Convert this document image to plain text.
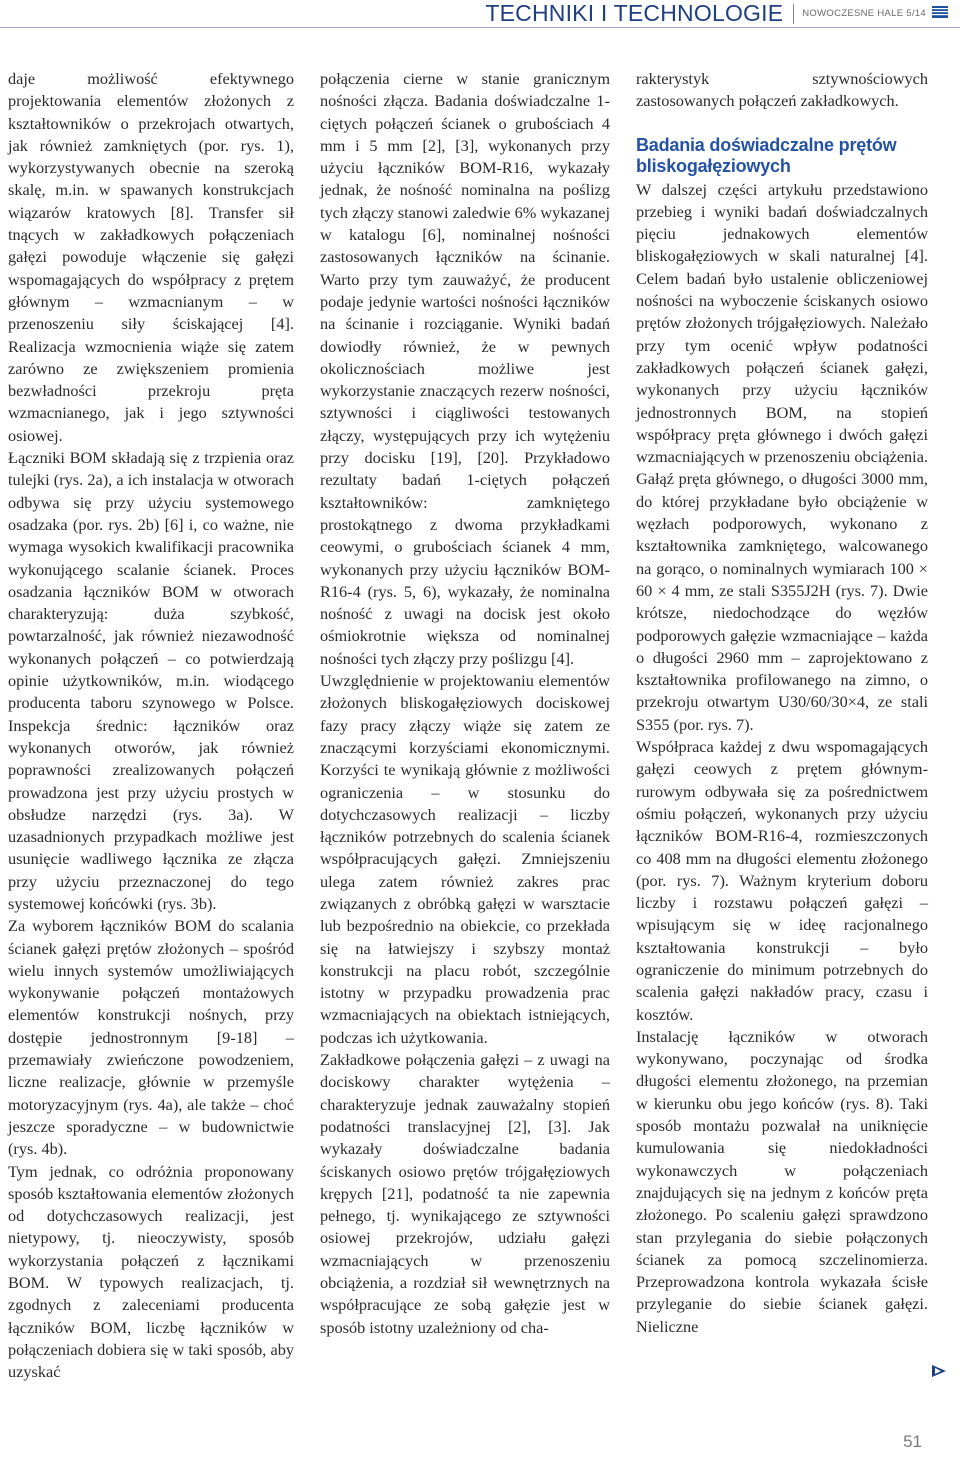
TECHNIKI I TECHNOLOGIE NOWOCZESNE HALE 5/14

daje możliwość efektywnego projektowania elementów złożonych z kształtowników o przekrojach otwartych, jak również zamkniętych (por. rys. 1), wykorzystywanych obecnie na szeroką skalę, m.in. w spawanych konstrukcjach wiązarów kratowych [8]. Transfer sił tnących w zakładkowych połączeniach gałęzi powoduje włączenie się gałęzi wspomagających do współpracy z prętem głównym – wzmacnianym – w przenoszeniu siły ściskającej [4]. Realizacja wzmocnienia wiąże się zatem zarówno ze zwiększeniem promienia bezwładności przekroju pręta wzmacnianego, jak i jego sztywności osiowej.

Łączniki BOM składają się z trzpienia oraz tulejki (rys. 2a), a ich instalacja w otworach odbywa się przy użyciu systemowego osadzaka (por. rys. 2b) [6] i, co ważne, nie wymaga wysokich kwalifikacji pracownika wykonującego scalanie ścianek. Proces osadzania łączników BOM w otworach charakteryzują: duża szybkość, powtarzalność, jak również niezawodność wykonanych połączeń – co potwierdzają opinie użytkowników, m.in. wiodącego producenta taboru szynowego w Polsce. Inspekcja średnic: łączników oraz wykonanych otworów, jak również poprawności zrealizowanych połączeń prowadzona jest przy użyciu prostych w obsłudze narzędzi (rys. 3a). W uzasadnionych przypadkach możliwe jest usunięcie wadliwego łącznika ze złącza przy użyciu przeznaczonej do tego systemowej końcówki (rys. 3b).

Za wyborem łączników BOM do scalania ścianek gałęzi prętów złożonych – spośród wielu innych systemów umożliwiających wykonywanie połączeń montażowych elementów konstrukcji nośnych, przy dostępie jednostronnym [9-18] – przemawiały zwieńczone powodzeniem, liczne realizacje, głównie w przemyśle motoryzacyjnym (rys. 4a), ale także – choć jeszcze sporadyczne – w budownictwie (rys. 4b).

Tym jednak, co odróżnia proponowany sposób kształtowania elementów złożonych od dotychczasowych realizacji, jest nietypowy, tj. nieoczywisty, sposób wykorzystania połączeń z łącznikami BOM. W typowych realizacjach, tj. zgodnych z zaleceniami producenta łączników BOM, liczbę łączników w połączeniach dobiera się w taki sposób, aby uzyskać

połączenia cierne w stanie granicznym nośności złącza. Badania doświadczalne 1-ciętych połączeń ścianek o grubościach 4 mm i 5 mm [2], [3], wykonanych przy użyciu łączników BOM-R16, wykazały jednak, że nośność nominalna na poślizg tych złączy stanowi zaledwie 6% wykazanej w katalogu [6], nominalnej nośności zastosowanych łączników na ścinanie. Warto przy tym zauważyć, że producent podaje jedynie wartości nośności łączników na ścinanie i rozciąganie. Wyniki badań dowiodły również, że w pewnych okolicznościach możliwe jest wykorzystanie znaczących rezerw nośności, sztywności i ciągliwości testowanych złączy, występujących przy ich wytężeniu przy docisku [19], [20]. Przykładowo rezultaty badań 1-ciętych połączeń kształtowników: zamkniętego prostokątnego z dwoma przykładkami ceowymi, o grubościach ścianek 4 mm, wykonanych przy użyciu łączników BOM-R16-4 (rys. 5, 6), wykazały, że nominalna nośność z uwagi na docisk jest około ośmiokrotnie większa od nominalnej nośności tych złączy przy poślizgu [4].

Uwzględnienie w projektowaniu elementów złożonych bliskogałęziowych dociskowej fazy pracy złączy wiąże się zatem ze znaczącymi korzyściami ekonomicznymi. Korzyści te wynikają głównie z możliwości ograniczenia – w stosunku do dotychczasowych realizacji – liczby łączników potrzebnych do scalenia ścianek współpracujących gałęzi. Zmniejszeniu ulega zatem również zakres prac związanych z obróbką gałęzi w warsztacie lub bezpośrednio na obiekcie, co przekłada się na łatwiejszy i szybszy montaż konstrukcji na placu robót, szczególnie istotny w przypadku prowadzenia prac wzmacniających na obiektach istniejących, podczas ich użytkowania.

Zakładkowe połączenia gałęzi – z uwagi na dociskowy charakter wytężenia – charakteryzuje jednak zauważalny stopień podatności translacyjnej [2], [3]. Jak wykazały doświadczalne badania ściskanych osiowo prętów trójgałęziowych krępych [21], podatność ta nie zapewnia pełnego, tj. wynikającego ze sztywności osiowej przekrojów, udziału gałęzi wzmacniających w przenoszeniu obciążenia, a rozdział sił wewnętrznych na współpracujące ze sobą gałęzie jest w sposób istotny uzależniony od cha-

rakterystyk sztywnościowych zastosowanych połączeń zakładkowych.

Badania doświadczalne prętów bliskogałęziowych

W dalszej części artykułu przedstawiono przebieg i wyniki badań doświadczalnych pięciu jednakowych elementów bliskogałęziowych w skali naturalnej [4]. Celem badań było ustalenie obliczeniowej nośności na wyboczenie ściskanych osiowo prętów złożonych trójgałęziowych. Należało przy tym ocenić wpływ podatności zakładkowych połączeń ścianek gałęzi, wykonanych przy użyciu łączników jednostronnych BOM, na stopień współpracy pręta głównego i dwóch gałęzi wzmacniających w przenoszeniu obciążenia.

Gałąź pręta głównego, o długości 3000 mm, do której przykładane było obciążenie w węzłach podporowych, wykonano z kształtownika zamkniętego, walcowanego na gorąco, o nominalnych wymiarach 100 × 60 × 4 mm, ze stali S355J2H (rys. 7). Dwie krótsze, niedochodzące do węzłów podporowych gałęzie wzmacniające – każda o długości 2960 mm – zaprojektowano z kształtownika profilowanego na zimno, o przekroju otwartym U30/60/30×4, ze stali S355 (por. rys. 7).

Współpraca każdej z dwu wspomagających gałęzi ceowych z prętem głównym-rurowym odbywała się za pośrednictwem ośmiu połączeń, wykonanych przy użyciu łączników BOM-R16-4, rozmieszczonych co 408 mm na długości elementu złożonego (por. rys. 7). Ważnym kryterium doboru liczby i rozstawu połączeń gałęzi – wpisującym się w ideę racjonalnego kształtowania konstrukcji – było ograniczenie do minimum potrzebnych do scalenia gałęzi nakładów pracy, czasu i kosztów.

Instalację łączników w otworach wykonywano, poczynając od środka długości elementu złożonego, na przemian w kierunku obu jego końców (rys. 8). Taki sposób montażu pozwalał na uniknięcie kumulowania się niedokładności wykonawczych w połączeniach znajdujących się na jednym z końców pręta złożonego. Po scaleniu gałęzi sprawdzono stan przylegania do siebie połączonych ścianek za pomocą szczelinomierza. Przeprowadzona kontrola wykazała ścisłe przyleganie do siebie ścianek gałęzi. Nieliczne

51
